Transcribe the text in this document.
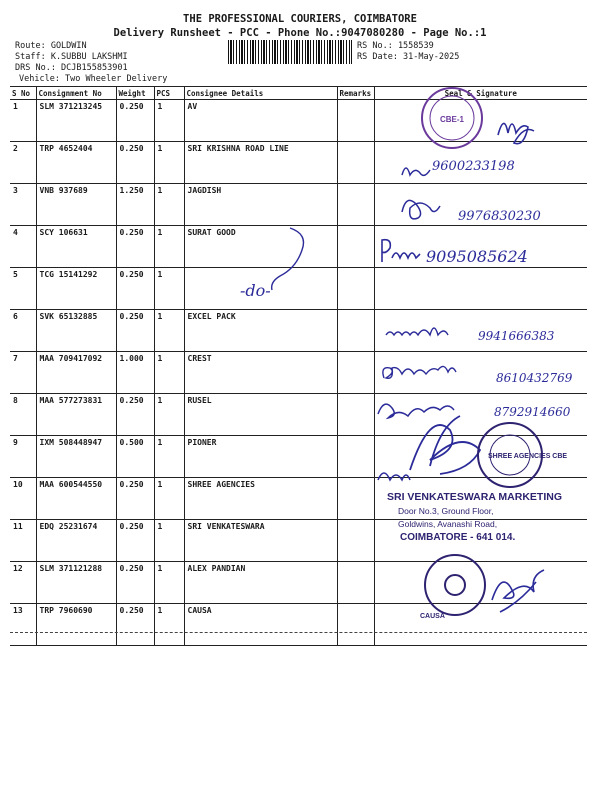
THE PROFESSIONAL COURIERS, COIMBATORE
Delivery Runsheet - PCC - Phone No.:9047080280 - Page No.:1
Route: GOLDWIN
Staff: K.SUBBU LAKSHMI
DRS No.: DCJB155853901
Vehicle: Two Wheeler Delivery
RS No.: 1558539
RS Date: 31-May-2025
S No	Consignment No	Weight	PCS	Consignee Details	Remarks	Seal & Signature
1	SLM 371213245	0.250	1	AV		
2	TRP 4652404	0.250	1	SRI KRISHNA ROAD LINE		
3	VNB 937689	1.250	1	JAGDISH		
4	SCY 106631	0.250	1	SURAT GOOD		
5	TCG 15141292	0.250	1			
6	SVK 65132885	0.250	1	EXCEL PACK		
7	MAA 709417092	1.000	1	CREST		
8	MAA 577273831	0.250	1	RUSEL		
9	IXM 508448947	0.500	1	PIONER		
10	MAA 600544550	0.250	1	SHREE AGENCIES		
11	EDQ 25231674	0.250	1	SRI VENKATESWARA		
12	SLM 371121288	0.250	1	ALEX PANDIAN		
13	TRP 7960690	0.250	1	CAUSA		
CBE-1
9600233198
9976830230
9095085624
-do-
9941666383
8610432769
8792914660
SHREE AGENCIES CBE
CAUSA
SRI VENKATESWARA MARKETING
Door No.3, Ground Floor,
Goldwins, Avanashi Road,
COIMBATORE - 641 014.
